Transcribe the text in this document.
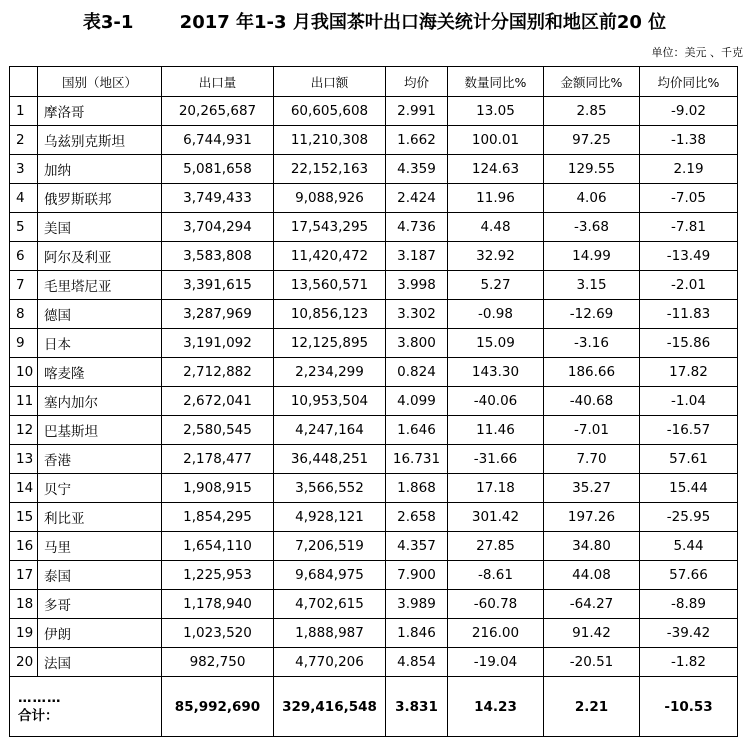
表3-1	2017 年1-3 月我国茶叶出口海关统计分国别和地区前20 位
单位：美元 、千克
	国别（地区）	出口量	出口额	均价	数量同比%	金额同比%	均价同比%
1	摩洛哥	20,265,687	60,605,608	2.991	13.05	2.85	-9.02
2	乌兹别克斯坦	6,744,931	11,210,308	1.662	100.01	97.25	-1.38
3	加纳	5,081,658	22,152,163	4.359	124.63	129.55	2.19
4	俄罗斯联邦	3,749,433	9,088,926	2.424	11.96	4.06	-7.05
5	美国	3,704,294	17,543,295	4.736	4.48	-3.68	-7.81
6	阿尔及利亚	3,583,808	11,420,472	3.187	32.92	14.99	-13.49
7	毛里塔尼亚	3,391,615	13,560,571	3.998	5.27	3.15	-2.01
8	德国	3,287,969	10,856,123	3.302	-0.98	-12.69	-11.83
9	日本	3,191,092	12,125,895	3.800	15.09	-3.16	-15.86
10	喀麦隆	2,712,882	2,234,299	0.824	143.30	186.66	17.82
11	塞内加尔	2,672,041	10,953,504	4.099	-40.06	-40.68	-1.04
12	巴基斯坦	2,580,545	4,247,164	1.646	11.46	-7.01	-16.57
13	香港	2,178,477	36,448,251	16.731	-31.66	7.70	57.61
14	贝宁	1,908,915	3,566,552	1.868	17.18	35.27	15.44
15	利比亚	1,854,295	4,928,121	2.658	301.42	197.26	-25.95
16	马里	1,654,110	7,206,519	4.357	27.85	34.80	5.44
17	泰国	1,225,953	9,684,975	7.900	-8.61	44.08	57.66
18	多哥	1,178,940	4,702,615	3.989	-60.78	-64.27	-8.89
19	伊朗	1,023,520	1,888,987	1.846	216.00	91.42	-39.42
20	法国	982,750	4,770,206	4.854	-19.04	-20.51	-1.82

………
合计：		85,992,690	329,416,548	3.831	14.23	2.21	-10.53
